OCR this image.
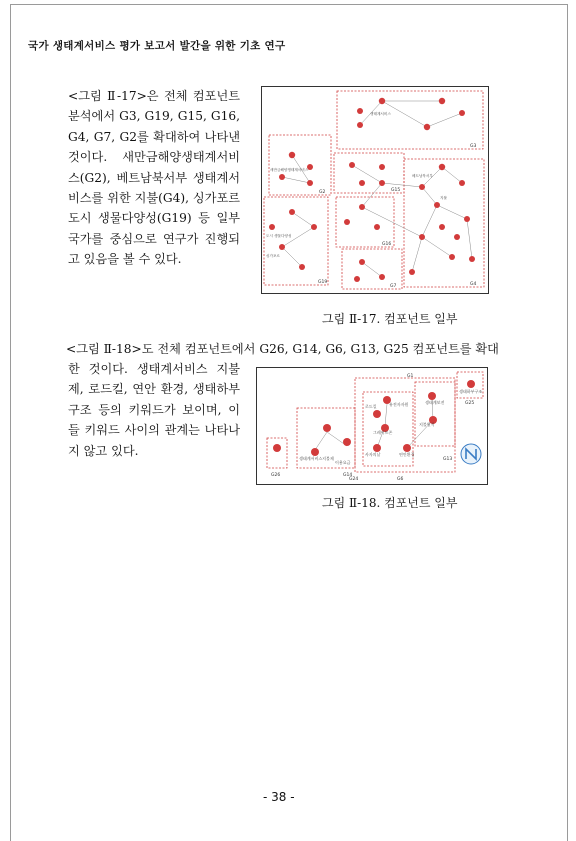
국가 생태계서비스 평가 보고서 발간을 위한 기초 연구

<그림 Ⅱ-17>은 전체 컴포넌트 분석에서 G3, G19, G15, G16, G4, G7, G2를 확대하여 나타낸 것이다. 새만금해양생태계서비스(G2), 베트남북서부 생태계서비스를 위한 지불(G4), 싱가포르 도시 생물다양성(G19) 등 일부 국가를 중심으로 연구가 진행되고 있음을 볼 수 있다.

G3
G2
G19
G15
G16
G7	G4
새만금해양생태계서비스
베트남북서부
도시 생물다양성
싱가포르
생태계서비스
지불
그림 Ⅱ-17. 컴포넌트 일부

<그림 Ⅱ-18>도 전체 컴포넌트에서 G26, G14, G6, G13, G25 컴포넌트를 확대

한 것이다. 생태계서비스 지불제, 로드킬, 연안 환경, 생태하부구조 등의 키워드가 보이며, 이들 키워드 사이의 관계는 나타나지 않고 있다.

G1
G6
G13
G14
G24
G25
G26
생태하부구조
로드킬	유전자자원	생태계보전
그레이트존
연안환경
생태계서비스지불제
지불원칙
사자의날
이용요금
그림 Ⅱ-18. 컴포넌트 일부
- 38 -
